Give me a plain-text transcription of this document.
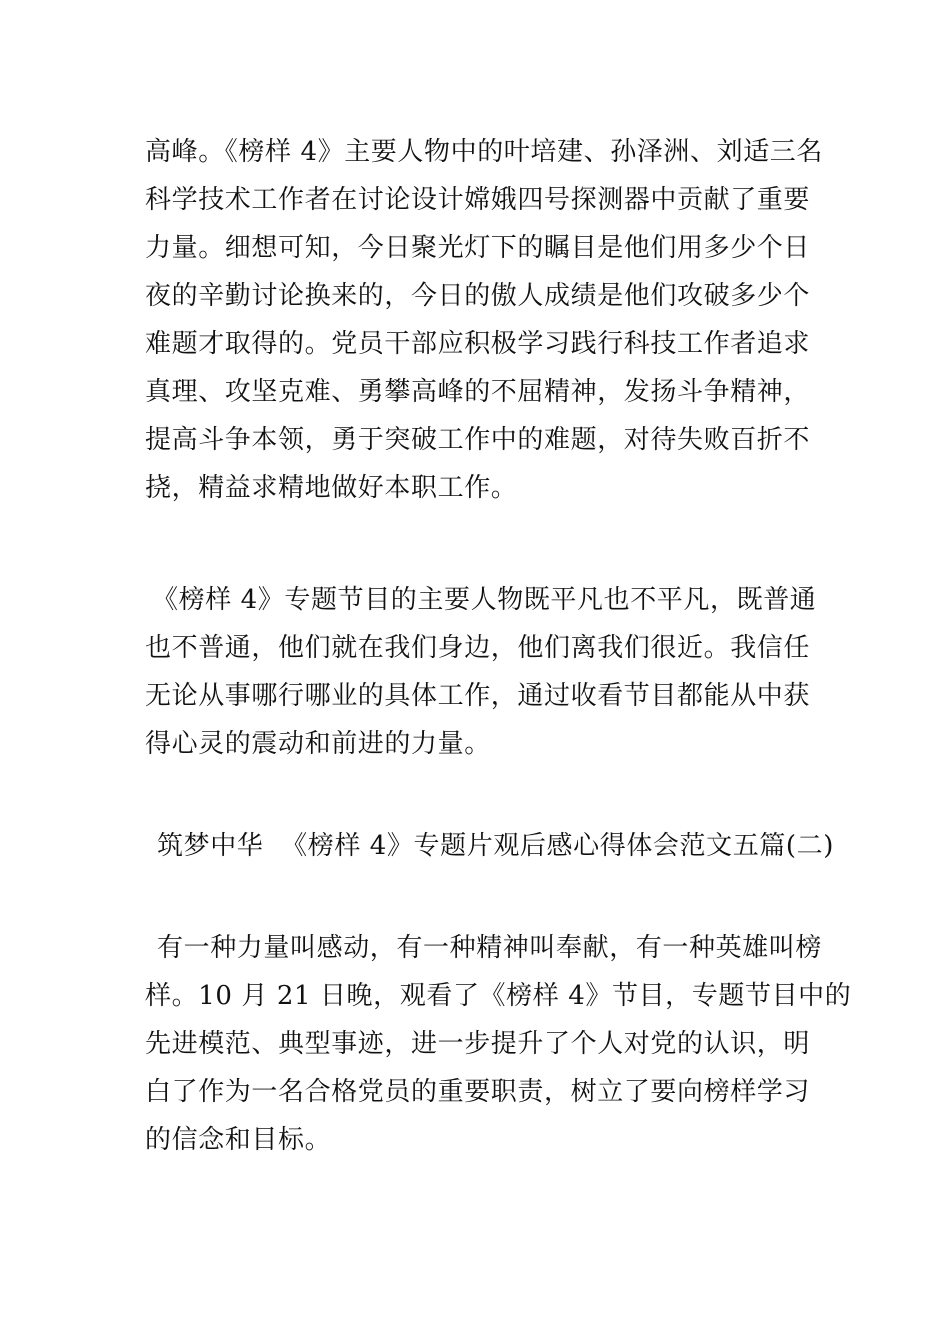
高峰。《榜样 4》主要人物中的叶培建、孙泽洲、刘适三名
科学技术工作者在讨论设计嫦娥四号探测器中贡献了重要
力量。细想可知，今日聚光灯下的瞩目是他们用多少个日
夜的辛勤讨论换来的，今日的傲人成绩是他们攻破多少个
难题才取得的。党员干部应积极学习践行科技工作者追求
真理、攻坚克难、勇攀高峰的不屈精神，发扬斗争精神，
提高斗争本领，勇于突破工作中的难题，对待失败百折不
挠，精益求精地做好本职工作。
《榜样 4》专题节目的主要人物既平凡也不平凡，既普通
也不普通，他们就在我们身边，他们离我们很近。我信任
无论从事哪行哪业的具体工作，通过收看节目都能从中获
得心灵的震动和前进的力量。
筑梦中华  《榜样 4》专题片观后感心得体会范文五篇(二)
有一种力量叫感动，有一种精神叫奉献，有一种英雄叫榜
样。10 月 21 日晚，观看了《榜样 4》节目，专题节目中的
先进模范、典型事迹，进一步提升了个人对党的认识，明
白了作为一名合格党员的重要职责，树立了要向榜样学习
的信念和目标。
